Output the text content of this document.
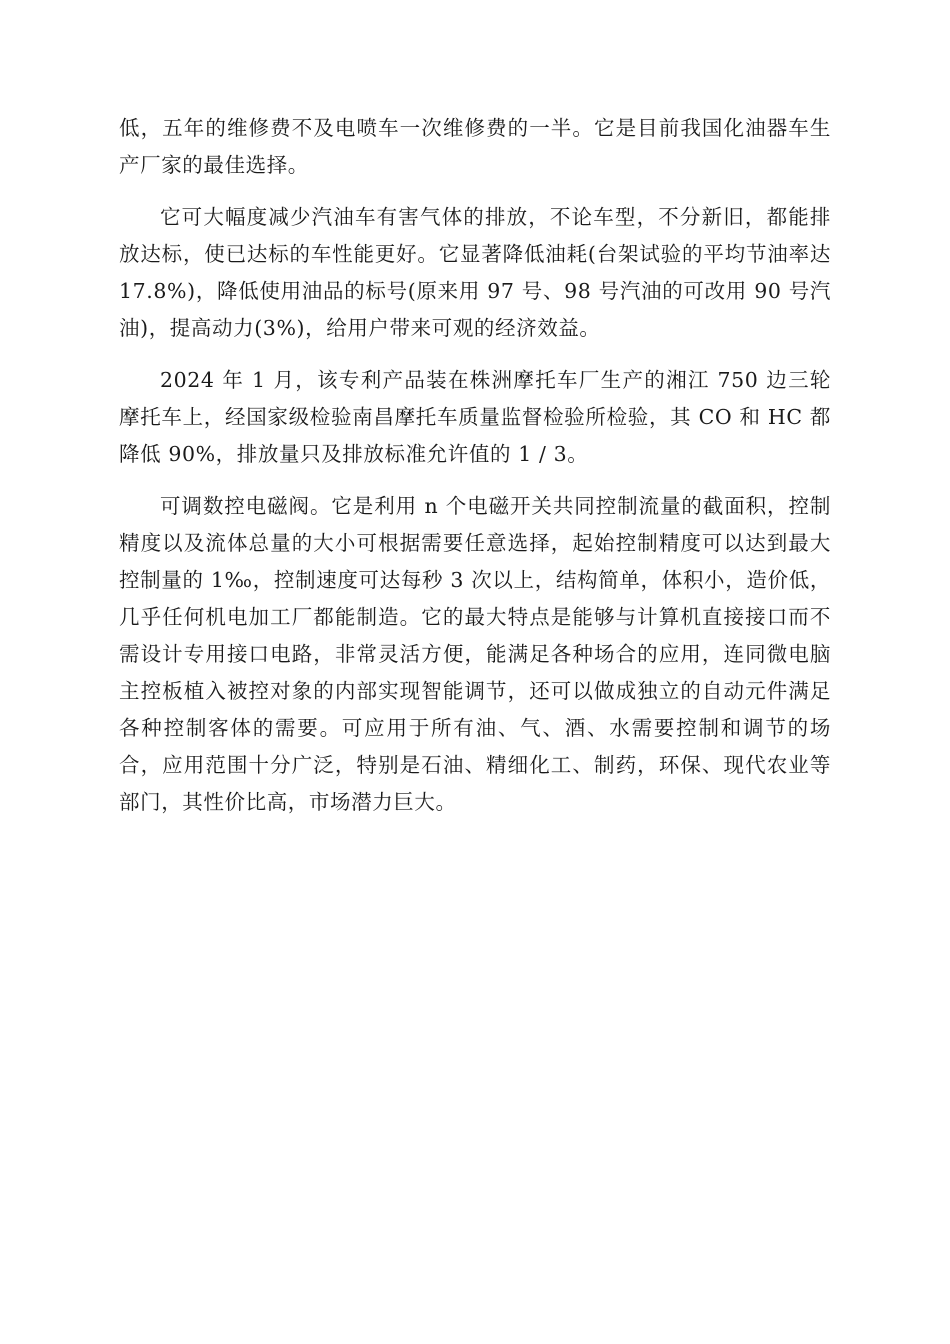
低，五年的维修费不及电喷车一次维修费的一半。它是目前我国化油器车生产厂家的最佳选择。

它可大幅度减少汽油车有害气体的排放，不论车型，不分新旧，都能排放达标，使已达标的车性能更好。它显著降低油耗(台架试验的平均节油率达 17.8%)，降低使用油品的标号(原来用 97 号、98 号汽油的可改用 90 号汽油)，提高动力(3%)，给用户带来可观的经济效益。

2024 年 1 月，该专利产品装在株洲摩托车厂生产的湘江 750 边三轮摩托车上，经国家级检验南昌摩托车质量监督检验所检验，其 CO 和 HC 都降低 90%，排放量只及排放标准允许值的 1 / 3。

可调数控电磁阀。它是利用 n 个电磁开关共同控制流量的截面积，控制精度以及流体总量的大小可根据需要任意选择，起始控制精度可以达到最大控制量的 1‰，控制速度可达每秒 3 次以上，结构简单，体积小，造价低，几乎任何机电加工厂都能制造。它的最大特点是能够与计算机直接接口而不需设计专用接口电路，非常灵活方便，能满足各种场合的应用，连同微电脑主控板植入被控对象的内部实现智能调节，还可以做成独立的自动元件满足各种控制客体的需要。可应用于所有油、气、酒、水需要控制和调节的场合，应用范围十分广泛，特别是石油、精细化工、制药，环保、现代农业等部门，其性价比高，市场潜力巨大。
